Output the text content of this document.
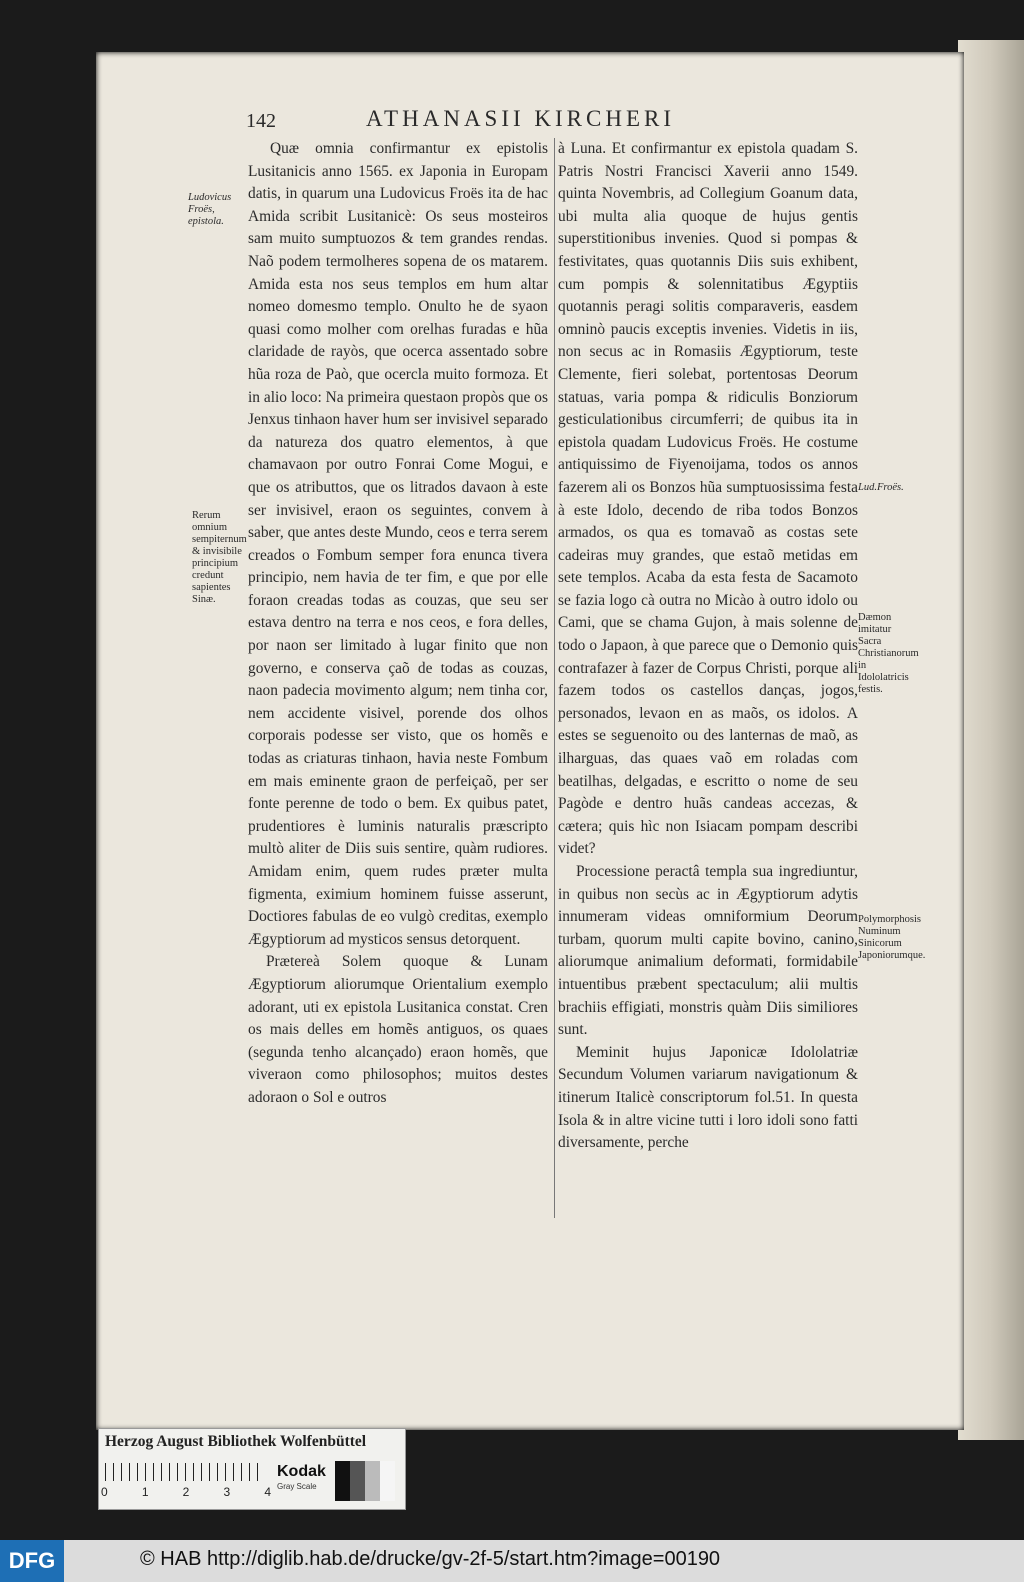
142	ATHANASII KIRCHERI
Ludovicus Froës, epistola.
Rerum omnium sempiternum & invisibile principium credunt sapientes Sinæ.
Lud.Froës.
Dæmon imitatur Sacra Christianorum in Idololatricis festis.
Polymorphosis Numinum Sinicorum Japoniorumque.

Quæ omnia confirmantur ex epistolis Lusitanicis anno 1565. ex Japonia in Europam datis, in quarum una Ludovicus Froës ita de hac Amida scribit Lusitanicè: Os seus mosteiros sam muito sumptuozos & tem grandes rendas. Naõ podem termolheres sopena de os matarem. Amida esta nos seus templos em hum altar nomeo domesmo templo. Onulto he de syaon quasi como molher com orelhas furadas e hũa claridade de rayòs, que ocerca assentado sobre hũa roza de Paò, que ocercla muito formoza. Et in alio loco: Na primeira questaon propòs que os Jenxus tinhaon haver hum ser invisivel separado da natureza dos quatro elementos, à que chamavaon por outro Fonrai Come Mogui, e que os atributtos, que os litrados davaon à este ser invisivel, eraon os seguintes, convem à saber, que antes deste Mundo, ceos e terra serem creados o Fombum semper fora enunca tivera principio, nem havia de ter fim, e que por elle foraon creadas todas as couzas, que seu ser estava dentro na terra e nos ceos, e fora delles, por naon ser limitado à lugar finito que non governo, e conserva çaõ de todas as couzas, naon padecia movimento algum; nem tinha cor, nem accidente visivel, porende dos olhos corporais podesse ser visto, que os homẽs e todas as criaturas tinhaon, havia neste Fombum em mais eminente graon de perfeiçaõ, per ser fonte perenne de todo o bem. Ex quibus patet, prudentiores è luminis naturalis præscripto multò aliter de Diis suis sentire, quàm rudiores. Amidam enim, quem rudes præter multa figmenta, eximium hominem fuisse asserunt, Doctiores fabulas de eo vulgò creditas, exemplo Ægyptiorum ad mysticos sensus detorquent.

Prætereà Solem quoque & Lunam Ægyptiorum aliorumque Orientalium exemplo adorant, uti ex epistola Lusitanica constat. Cren os mais delles em homẽs antiguos, os quaes (segunda tenho alcançado) eraon homẽs, que viveraon como philosophos; muitos destes adoraon o Sol e outros

à Luna. Et confirmantur ex epistola quadam S. Patris Nostri Francisci Xaverii anno 1549. quinta Novembris, ad Collegium Goanum data, ubi multa alia quoque de hujus gentis superstitionibus invenies. Quod si pompas & festivitates, quas quotannis Diis suis exhibent, cum pompis & solennitatibus Ægyptiis quotannis peragi solitis comparaveris, easdem omninò paucis exceptis invenies. Videtis in iis, non secus ac in Romasiis Ægyptiorum, teste Clemente, fieri solebat, portentosas Deorum statuas, varia pompa & ridiculis Bonziorum gesticulationibus circumferri; de quibus ita in epistola quadam Ludovicus Froës. He costume antiquissimo de Fiyenoijama, todos os annos fazerem ali os Bonzos hũa sumptuosissima festa à este Idolo, decendo de riba todos Bonzos armados, os qua es tomavaõ as costas sete cadeiras muy grandes, que estaõ metidas em sete templos. Acaba da esta festa de Sacamoto se fazia logo cà outra no Micào à outro idolo ou Cami, que se chama Gujon, à mais solenne de todo o Japaon, à que parece que o Demonio quis contrafazer à fazer de Corpus Christi, porque ali fazem todos os castellos danças, jogos, personados, levaon en as maõs, os idolos. A estes se seguenoito ou des lanternas de maõ, as ilharguas, das quaes vaõ em roladas com beatilhas, delgadas, e escritto o nome de seu Pagòde e dentro huãs candeas accezas, & cætera; quis hìc non Isiacam pompam describi videt?

Processione peractâ templa sua ingrediuntur, in quibus non secùs ac in Ægyptiorum adytis innumeram videas omniformium Deorum turbam, quorum multi capite bovino, canino, aliorumque animalium deformati, formidabile intuentibus præbent spectaculum; alii multis brachiis effigiati, monstris quàm Diis similiores sunt.

Meminit hujus Japonicæ Idololatriæ Secundum Volumen variarum navigationum & itinerum Italicè conscriptorum fol.51. In questa Isola & in altre vicine tutti i loro idoli sono fatti diversamente, perche

Herzog August Bibliothek Wolfenbüttel
0	1	2	3	4
Kodak
Gray Scale
DFG	© HAB http://diglib.hab.de/drucke/gv-2f-5/start.htm?image=00190
